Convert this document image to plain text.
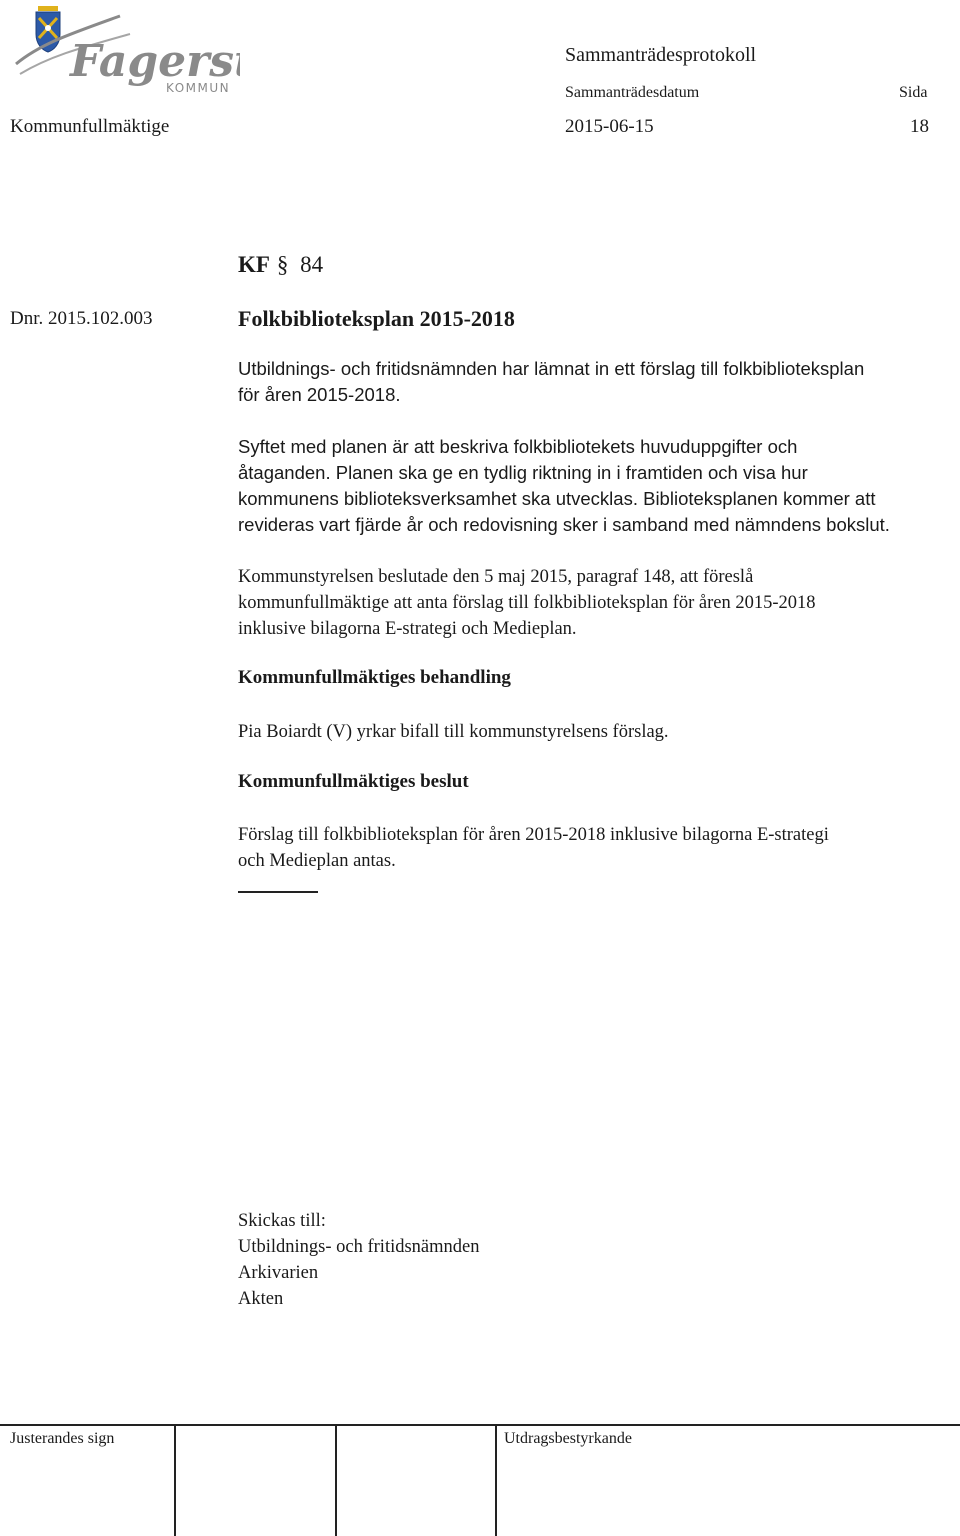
Fagers
KOMMUN
Sammanträdesprotokoll
Sammanträdesdatum	Sida
Kommunfullmäktige	2015-06-15	18
KF § 84
Dnr. 2015.102.003	Folkbiblioteksplan 2015-2018
Utbildnings- och fritidsnämnden har lämnat in ett förslag till folkbiblioteksplan
för åren 2015-2018.
Syftet med planen är att beskriva folkbibliotekets huvuduppgifter och
åtaganden. Planen ska ge en tydlig riktning in i framtiden och visa hur
kommunens biblioteksverksamhet ska utvecklas. Biblioteksplanen kommer att
revideras vart fjärde år och redovisning sker i samband med nämndens bokslut.
Kommunstyrelsen beslutade den 5 maj 2015, paragraf 148, att föreslå
kommunfullmäktige att anta förslag till folkbiblioteksplan för åren 2015-2018
inklusive bilagorna E-strategi och Medieplan.
Kommunfullmäktiges behandling
Pia Boiardt (V) yrkar bifall till kommunstyrelsens förslag.
Kommunfullmäktiges beslut
Förslag till folkbiblioteksplan för åren 2015-2018 inklusive bilagorna E-strategi
och Medieplan antas.
Skickas till:
Utbildnings- och fritidsnämnden
Arkivarien
Akten
Justerandes sign	Utdragsbestyrkande
